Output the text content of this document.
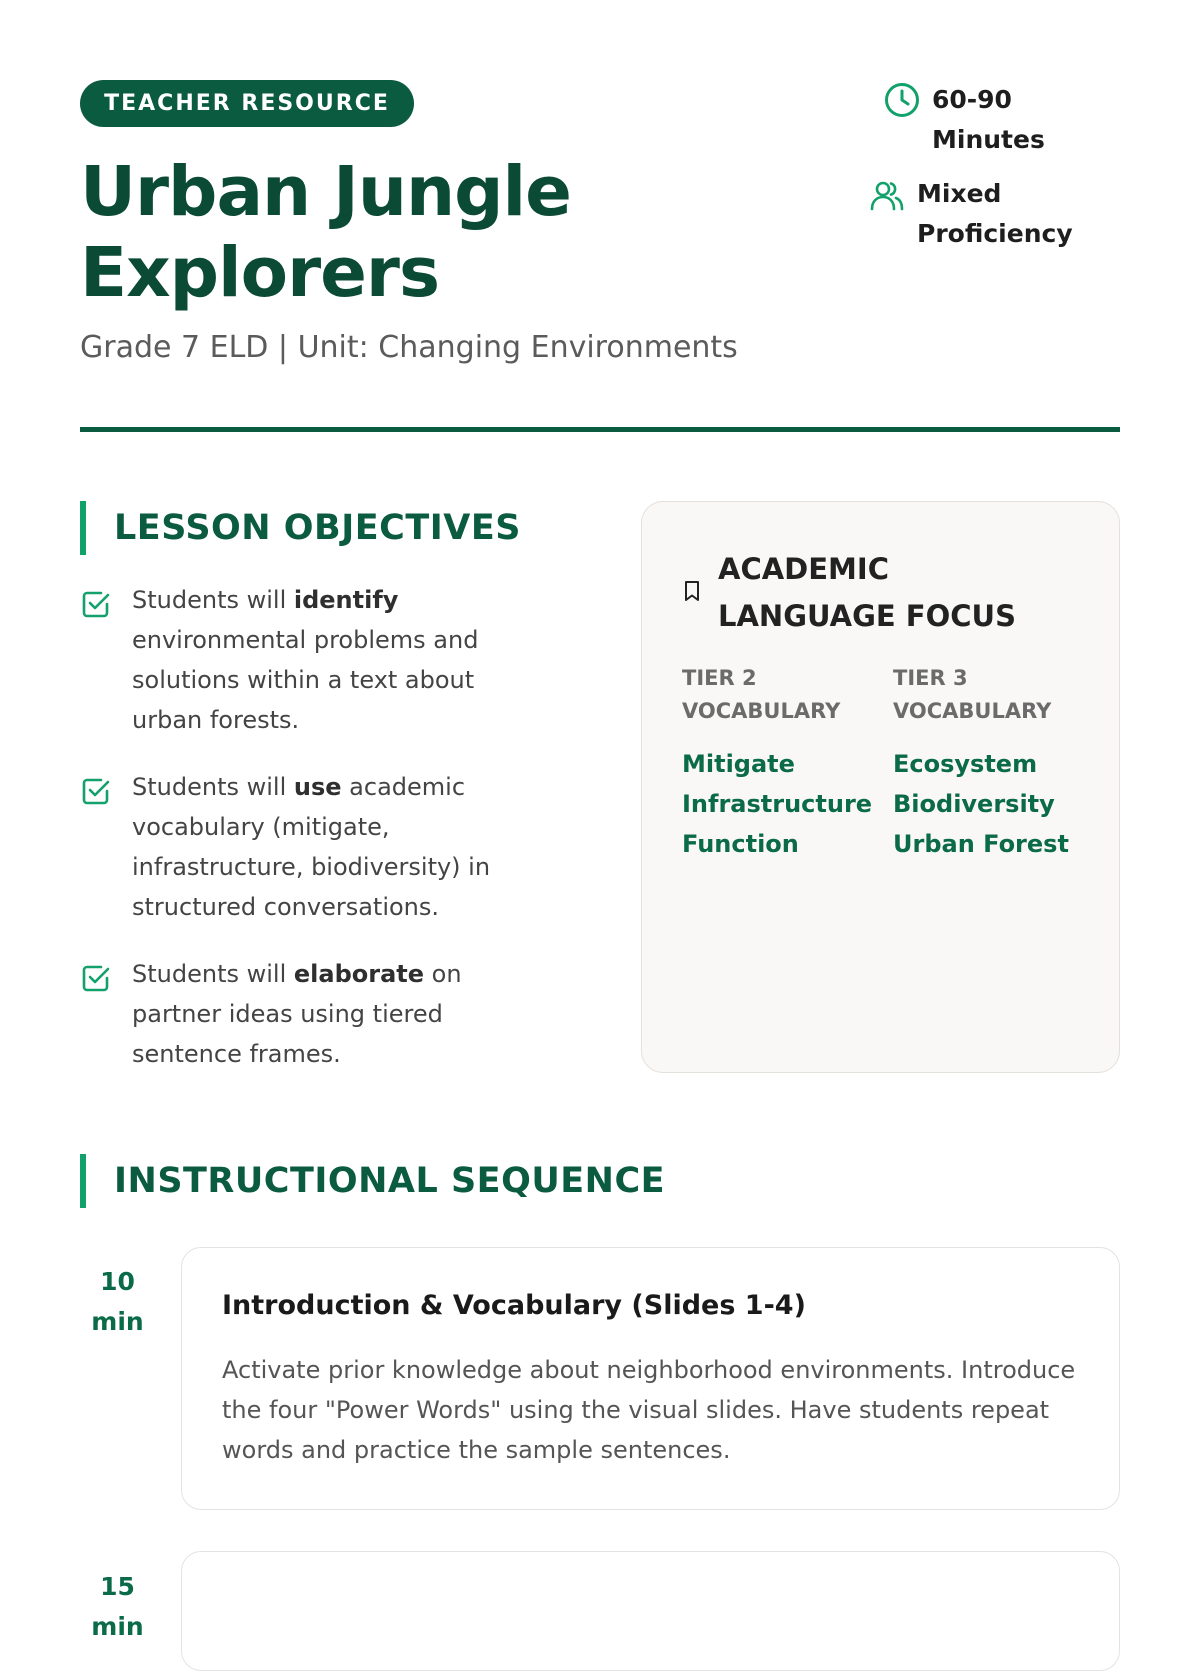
TEACHER RESOURCE
Urban Jungle Explorers
Grade 7 ELD | Unit: Changing Environments
60-90 Minutes
Mixed Proficiency
LESSON OBJECTIVES
Students will identify environmental problems and solutions within a text about urban forests.
Students will use academic vocabulary (mitigate, infrastructure, biodiversity) in structured conversations.
Students will elaborate on partner ideas using tiered sentence frames.
ACADEMIC LANGUAGE FOCUS
TIER 2 VOCABULARY
Mitigate
Infrastructure
Function
TIER 3 VOCABULARY
Ecosystem
Biodiversity
Urban Forest
INSTRUCTIONAL SEQUENCE
10
min
Introduction & Vocabulary (Slides 1-4)
Activate prior knowledge about neighborhood environments. Introduce the four "Power Words" using the visual slides. Have students repeat words and practice the sample sentences.
15
min
